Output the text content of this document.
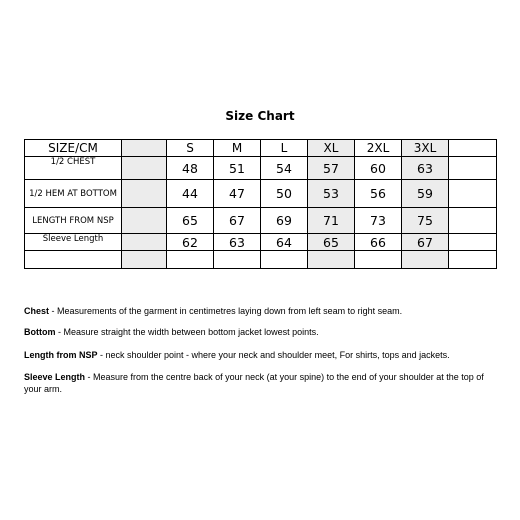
Size Chart
SIZE/CM		S	M	L	XL	2XL	3XL	
1/2 CHEST		48	51	54	57	60	63	
1/2 HEM AT BOTTOM		44	47	50	53	56	59	
LENGTH FROM NSP		65	67	69	71	73	75	
Sleeve Length		62	63	64	65	66	67	

Chest - Measurements of the garment in centimetres laying down from left seam to right seam.
Bottom - Measure straight the width between bottom jacket lowest points.
Length from NSP - neck shoulder point - where your neck and shoulder meet, For shirts, tops and jackets.
Sleeve Length - Measure from the centre back of your neck (at your spine) to the end of your shoulder at the top of your arm.
